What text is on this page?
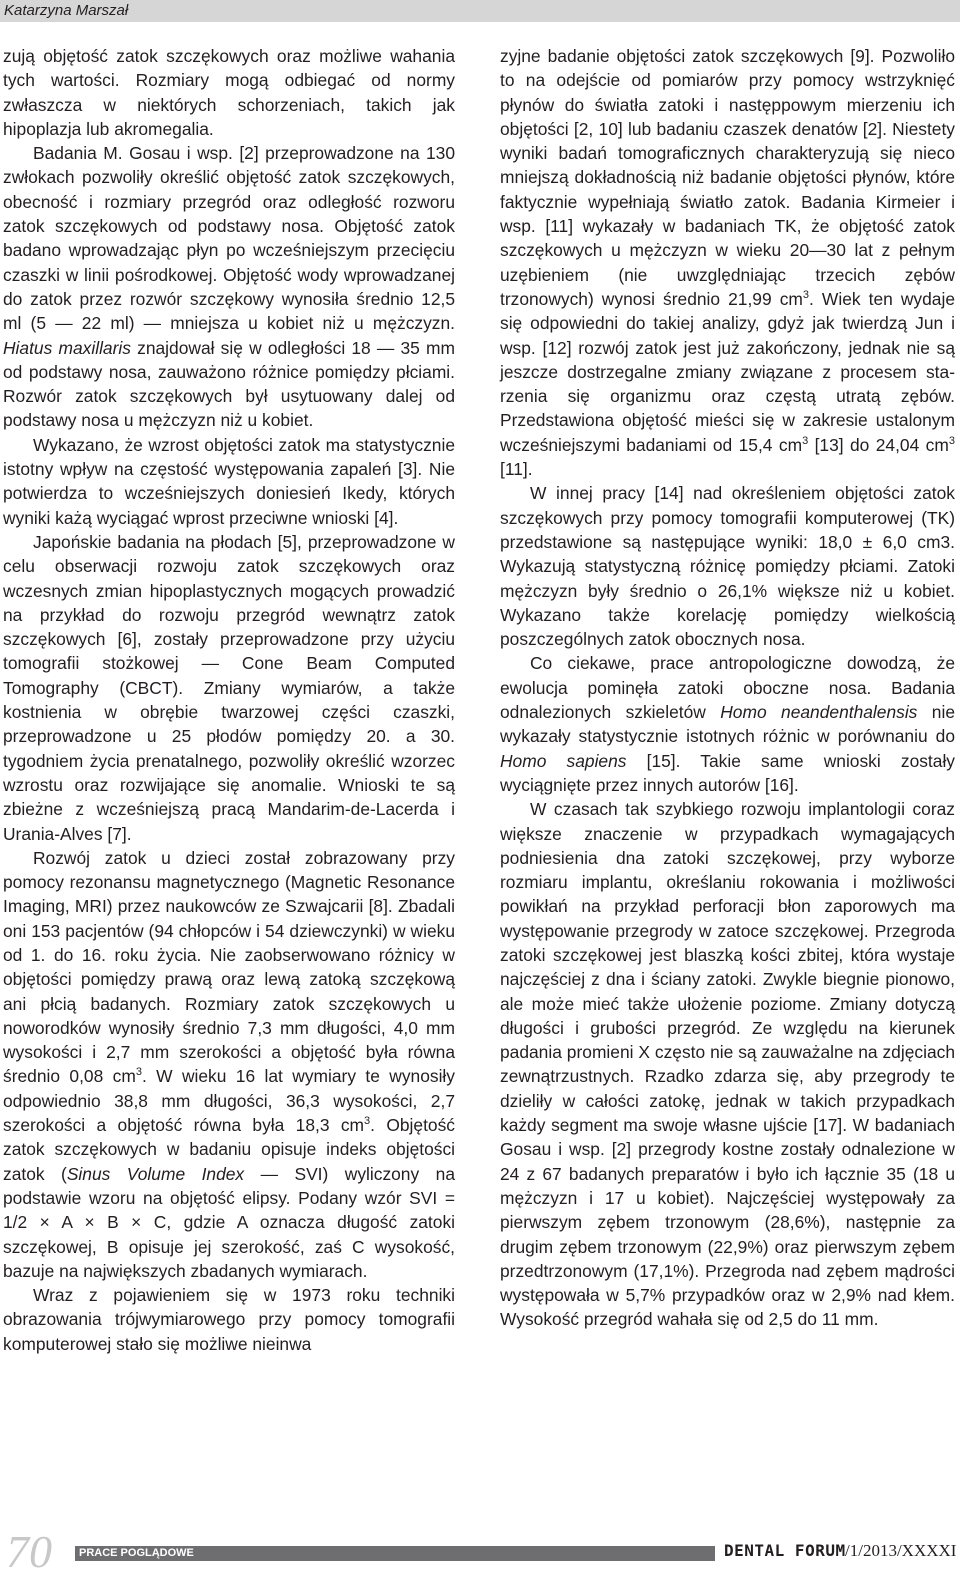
Katarzyna Marszał

zują objętość zatok szczękowych oraz możliwe wahania tych wartości. Rozmiary mogą odbiegać od normy zwłaszcza w niektórych schorzeniach, takich jak hipoplazja lub akromegalia.

Badania M. Gosau i wsp. [2] przeprowadzone na 130 zwłokach pozwoliły określić objętość zatok szczękowych, obecność i rozmiary przegród oraz odległość rozworu zatok szczękowych od podstawy nosa. Objętość zatok badano wprowadzając płyn po wcześniejszym przecięciu czaszki w linii pośrodkowej. Objętość wody wprowadzanej do zatok przez rozwór szczękowy wynosiła średnio 12,5 ml (5 — 22 ml) — mniejsza u kobiet niż u mężczyzn. Hiatus maxillaris znajdował się w odległości 18 — 35 mm od podstawy nosa, zauważono różnice pomiędzy płciami. Rozwór zatok szczękowych był usytuowany dalej od podstawy nosa u mężczyzn niż u kobiet.

Wykazano, że wzrost objętości zatok ma statystycznie istotny wpływ na częstość występowania zapaleń [3]. Nie potwierdza to wcześniejszych doniesień Ikedy, których wyniki każą wyciągać wprost przeciwne wnioski [4].

Japońskie badania na płodach [5], przeprowadzone w celu obserwacji rozwoju zatok szczękowych oraz wczesnych zmian hipoplastycznych mogących prowadzić na przykład do rozwoju przegród wewnątrz zatok szczękowych [6], zostały przeprowadzone przy użyciu tomografii stożkowej — Cone Beam Computed Tomography (CBCT). Zmiany wymiarów, a także kostnienia w obrębie twarzowej części czaszki, przeprowadzone u 25 płodów pomiędzy 20. a 30. tygodniem życia prenatalnego, pozwoliły określić wzorzec wzrostu oraz rozwijające się anomalie. Wnioski te są zbieżne z wcześniejszą pracą Mandarim-de-Lacerda i Urania-Alves [7].

Rozwój zatok u dzieci został zobrazowany przy pomocy rezonansu magnetycznego (Magnetic Resonance Imaging, MRI) przez naukowców ze Szwajcarii [8]. Zbadali oni 153 pacjentów (94 chłopców i 54 dziewczynki) w wieku od 1. do 16. roku życia. Nie zaobserwowano różnicy w objętości pomiędzy prawą oraz lewą zatoką szczękową ani płcią badanych. Rozmiary zatok szczękowych u noworodków wynosiły średnio 7,3 mm długości, 4,0 mm wysokości i 2,7 mm szerokości a objętość była równa średnio 0,08 $cm^3$. W wieku 16 lat wymiary te wynosiły odpowiednio 38,8 mm długości, 36,3 wysokości, 2,7 szerokości a objętość równa była 18,3 $cm^3$. Objętość zatok szczękowych w badaniu opisuje indeks objętości zatok (Sinus Volume Index — SVI) wyliczony na podstawie wzoru na objętość elipsy. Podany wzór SVI = 1/2 × A × B × C, gdzie A oznacza długość zatoki szczękowej, B opisuje jej szerokość, zaś C wysokość, bazuje na największych zbadanych wymiarach.

Wraz z pojawieniem się w 1973 roku techniki obrazowania trójwymiarowego przy pomocy tomografii komputerowej stało się możliwe nieinwa

zyjne badanie objętości zatok szczękowych [9]. Pozwoliło to na odejście od pomiarów przy pomocy wstrzyknięć płynów do światła zatoki i następpowym mierzeniu ich objętości [2, 10] lub badaniu czaszek denatów [2]. Niestety wyniki badań tomograficznych charakteryzują się nieco mniejszą dokładnością niż badanie objętości płynów, które faktycznie wypełniają światło zatok. Badania Kirmeier i wsp. [11] wykazały w badaniach TK, że objętość zatok szczękowych u mężczyzn w wieku 20—30 lat z pełnym uzębieniem (nie uwzględniając trzecich zębów trzonowych) wynosi średnio 21,99 $cm^3$. Wiek ten wydaje się odpowiedni do takiej analizy, gdyż jak twierdzą Jun i wsp. [12] rozwój zatok jest już zakończony, jednak nie są jeszcze dostrzegalne zmiany związane z procesem starzenia się organizmu oraz częstą utratą zębów. Przedstawiona objętość mieści się w zakresie ustalonym wcześniejszymi badaniami od 15,4 $cm^3$ [13] do 24,04 $cm^3$ [11].

W innej pracy [14] nad określeniem objętości zatok szczękowych przy pomocy tomografii komputerowej (TK) przedstawione są następujące wyniki: 18,0 ± 6,0 cm3. Wykazują statystyczną różnicę pomiędzy płciami. Zatoki mężczyzn były średnio o 26,1% większe niż u kobiet. Wykazano także korelację pomiędzy wielkością poszczególnych zatok obocznych nosa.

Co ciekawe, prace antropologiczne dowodzą, że ewolucja pominęła zatoki oboczne nosa. Badania odnalezionych szkieletów Homo neandenthalensis nie wykazały statystycznie istotnych różnic w porównaniu do Homo sapiens [15]. Takie same wnioski zostały wyciągnięte przez innych autorów [16].

W czasach tak szybkiego rozwoju implantologii coraz większe znaczenie w przypadkach wymagających podniesienia dna zatoki szczękowej, przy wyborze rozmiaru implantu, określaniu rokowania i możliwości powikłań na przykład perforacji błon zaporowych ma występowanie przegrody w zatoce szczękowej. Przegroda zatoki szczękowej jest blaszką kości zbitej, która wystaje najczęściej z dna i ściany zatoki. Zwykle biegnie pionowo, ale może mieć także ułożenie poziome. Zmiany dotyczą długości i grubości przegród. Ze względu na kierunek padania promieni X często nie są zauważalne na zdjęciach zewnątrzustnych. Rzadko zdarza się, aby przegrody te dzieliły w całości zatokę, jednak w takich przypadkach każdy segment ma swoje własne ujście [17]. W badaniach Gosau i wsp. [2] przegrody kostne zostały odnalezione w 24 z 67 badanych preparatów i było ich łącznie 35 (18 u mężczyzn i 17 u kobiet). Najczęściej występowały za pierwszym zębem trzonowym (28,6%), następnie za drugim zębem trzonowym (22,9%) oraz pierwszym zębem przedtrzonowym (17,1%). Przegroda nad zębem mądrości występowała w 5,7% przypadków oraz w 2,9% nad kłem. Wysokość przegród wahała się od 2,5 do 11 mm.

70 PRACE POGLĄDOWE	DENTAL FORUM /1/2013/XXXXI
